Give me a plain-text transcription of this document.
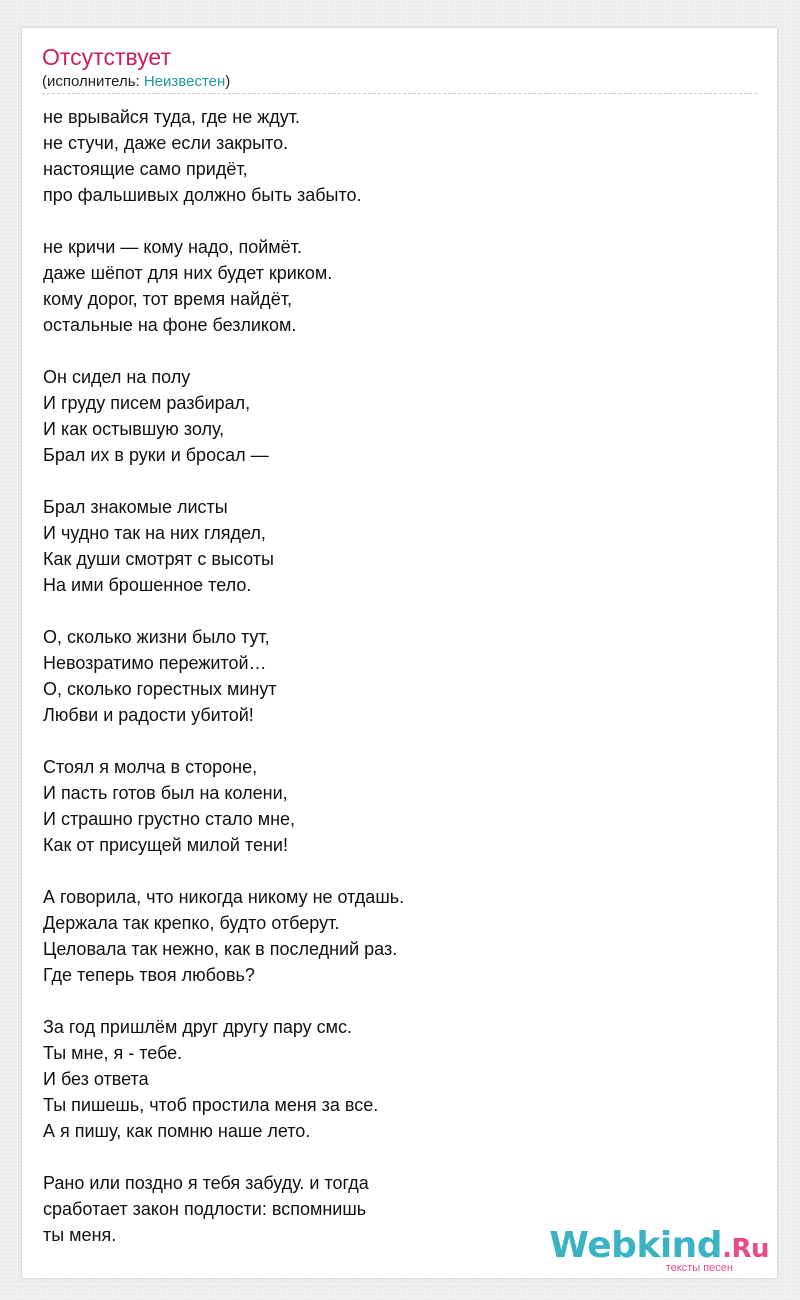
Отсутствует
(исполнитель: Неизвестен)
не врывайся туда, где не ждут.
не стучи, даже если закрыто.
настоящие само придёт,
про фальшивых должно быть забыто.
не кричи — кому надо, поймёт.
даже шёпот для них будет криком.
кому дорог, тот время найдёт,
остальные на фоне безликом.
Он сидел на полу
И груду писем разбирал,
И как остывшую золу,
Брал их в руки и бросал —
Брал знакомые листы
И чудно так на них глядел,
Как души смотрят с высоты
На ими брошенное тело.
О, сколько жизни было тут,
Невозратимо пережитой…
О, сколько горестных минут
Любви и радости убитой!
Стоял я молча в стороне,
И пасть готов был на колени,
И страшно грустно стало мне,
Как от присущей милой тени!
А говорила, что никогда никому не отдашь.
Держала так крепко, будто отберут.
Целовала так нежно, как в последний раз.
Где теперь твоя любовь?
За год пришлём друг другу пару смс.
Ты мне, я - тебе.
И без ответа
Ты пишешь, чтоб простила меня за все.
А я пишу, как помню наше лето.
Рано или поздно я тебя забуду. и тогда
сработает закон подлости: вспомнишь
ты меня.	Webkind.Ru
тексты песен
